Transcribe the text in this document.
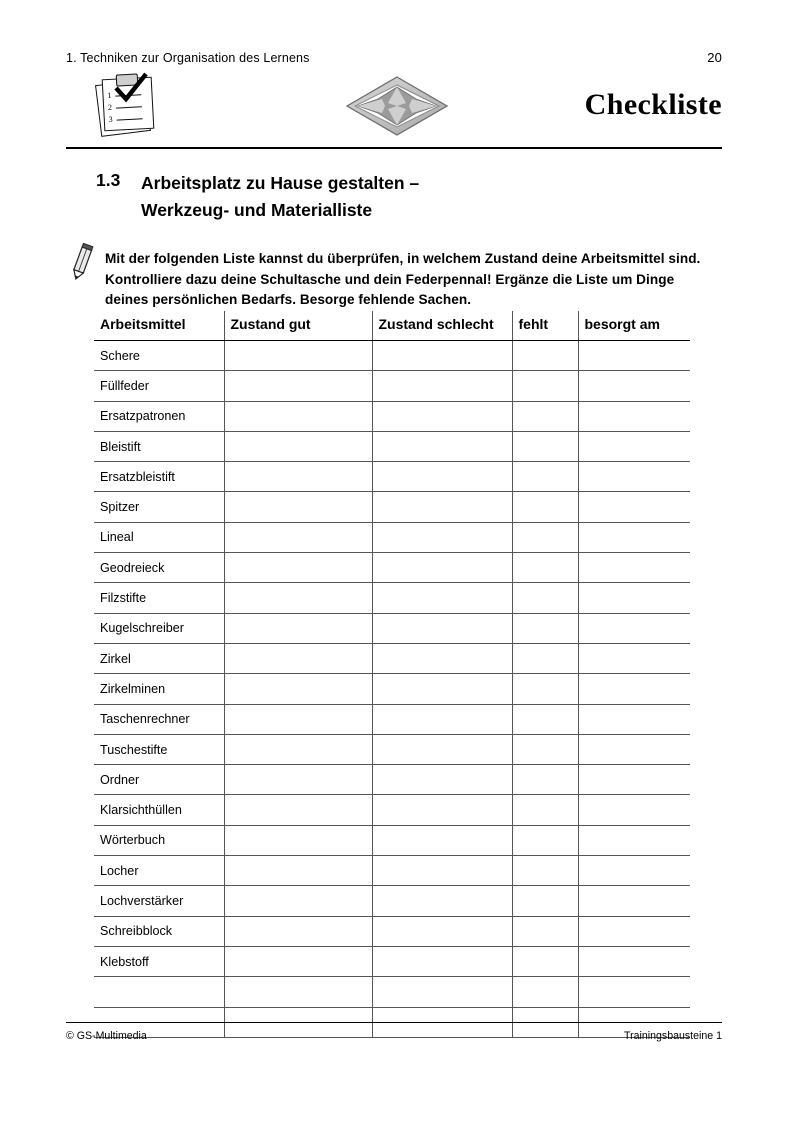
1. Techniken zur Organisation des Lernens	20
1
2
3	Checkliste
1.3 Arbeitsplatz zu Hause gestalten –
Werkzeug- und Materialliste
Mit der folgenden Liste kannst du überprüfen, in welchem Zustand deine Arbeitsmittel sind. Kontrolliere dazu deine Schultasche und dein Federpennal! Ergänze die Liste um Dinge deines persönlichen Bedarfs. Besorge fehlende Sachen.
Arbeitsmittel	Zustand gut	Zustand schlecht	fehlt	besorgt am
Schere				
Füllfeder				
Ersatzpatronen				
Bleistift				
Ersatzbleistift				
Spitzer				
Lineal				
Geodreieck				
Filzstifte				
Kugelschreiber				
Zirkel				
Zirkelminen				
Taschenrechner				
Tuschestifte				
Ordner				
Klarsichthüllen				
Wörterbuch				
Locher				
Lochverstärker				
Schreibblock				
Klebstoff				

© GS-Multimedia	Trainingsbausteine 1
